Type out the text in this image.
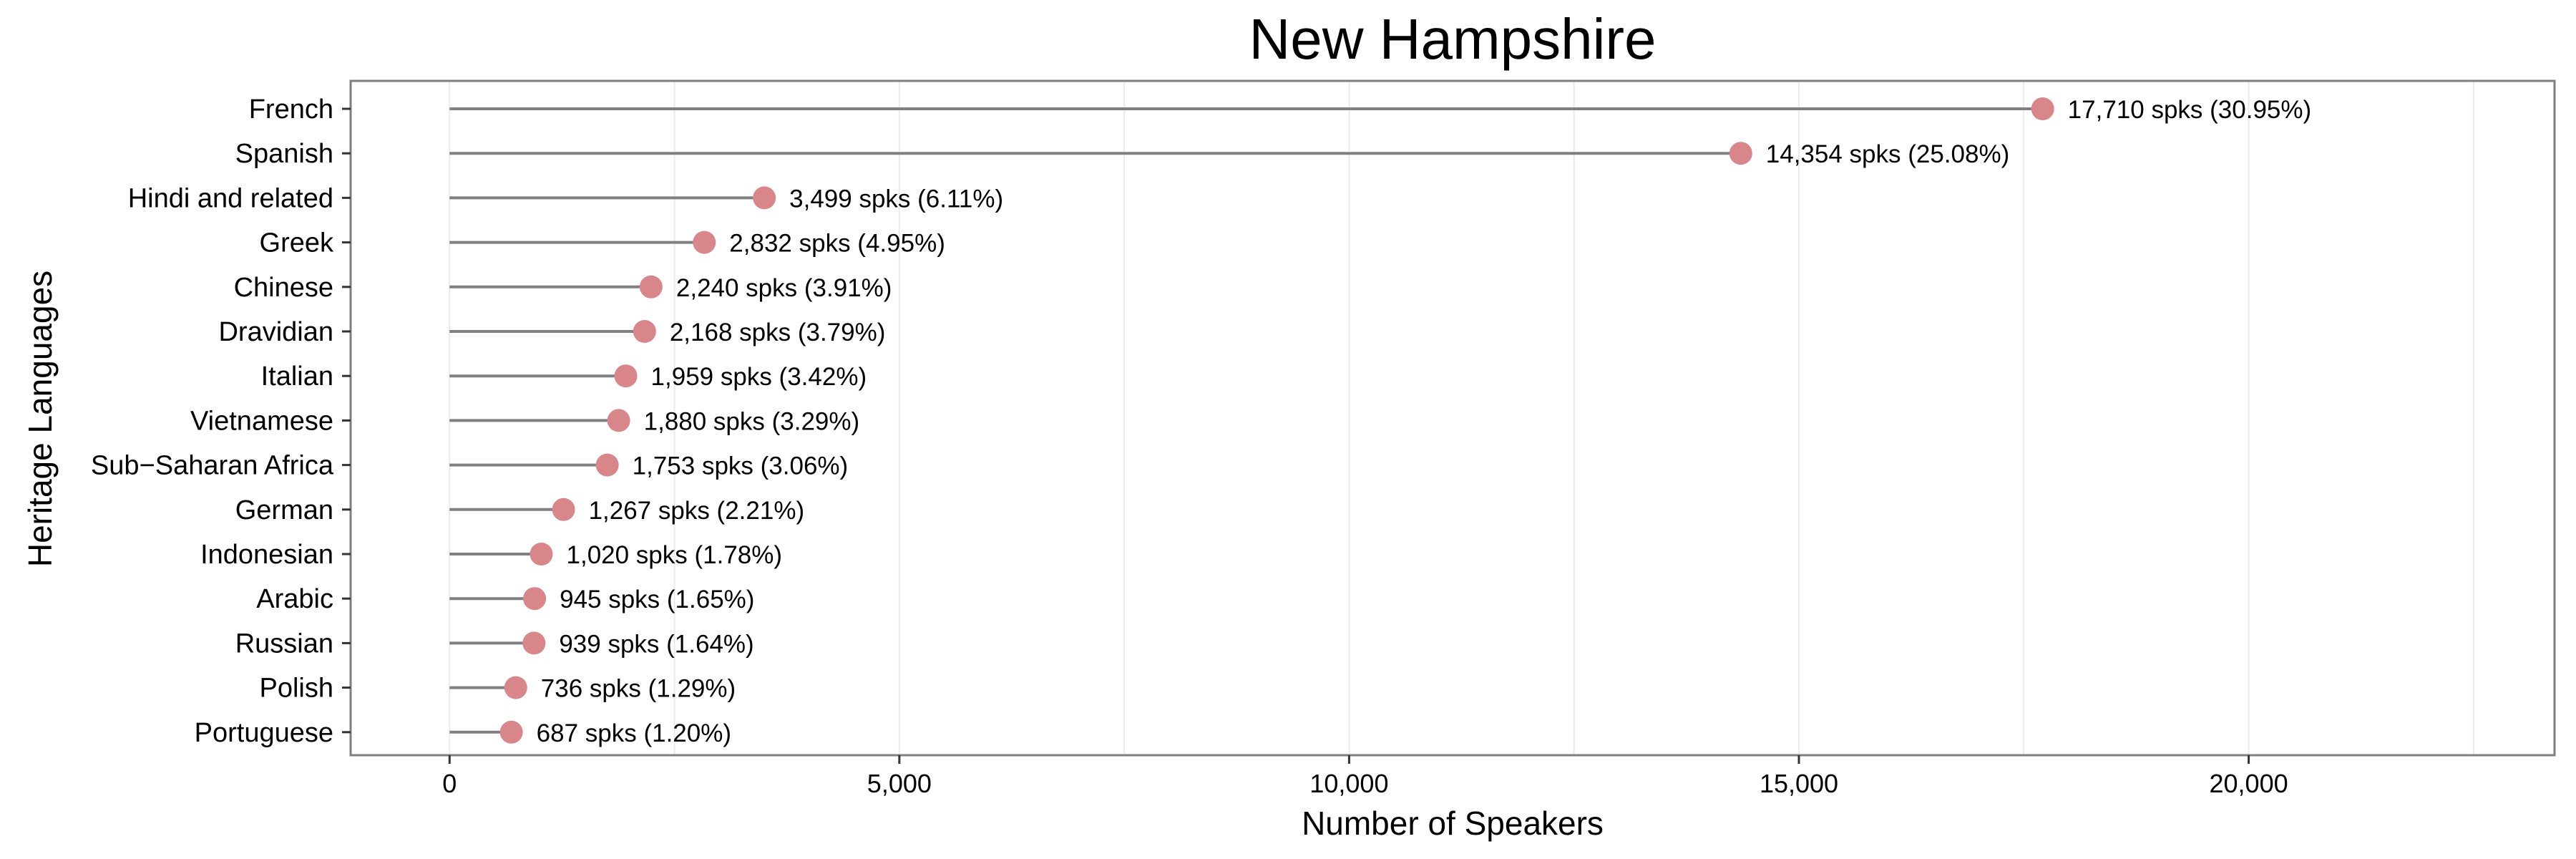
New Hampshire
Heritage Languages
Number of Speakers
17,710 spks (30.95%)
14,354 spks (25.08%)
3,499 spks (6.11%)
2,832 spks (4.95%)
2,240 spks (3.91%)
2,168 spks (3.79%)
1,959 spks (3.42%)
1,880 spks (3.29%)
1,753 spks (3.06%)
1,267 spks (2.21%)
1,020 spks (1.78%)
945 spks (1.65%)
939 spks (1.64%)
736 spks (1.29%)
687 spks (1.20%)
French
Spanish
Hindi and related
Greek
Chinese
Dravidian
Italian
Vietnamese
Sub−Saharan Africa
German
Indonesian
Arabic
Russian
Polish
Portuguese
0	5,000	10,000	15,000	20,000
